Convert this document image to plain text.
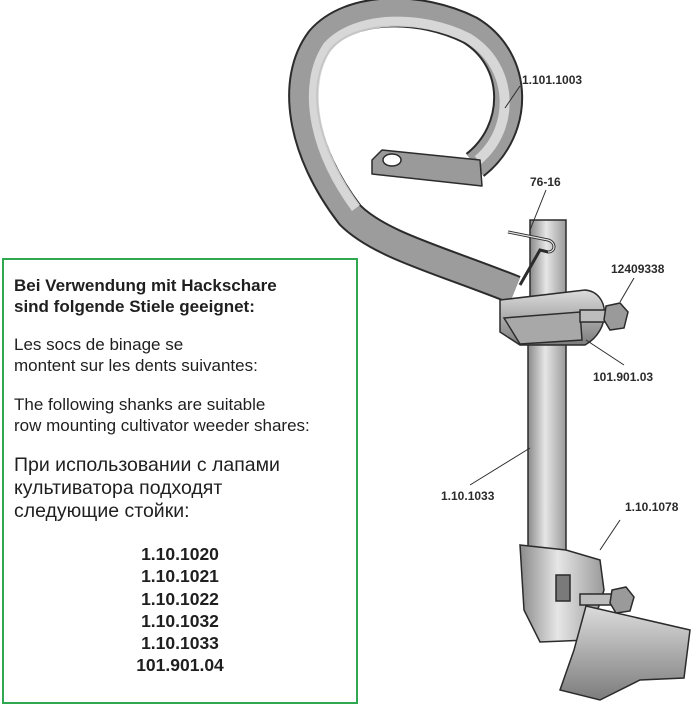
1.101.1003
76-16
12409338
101.901.03
1.10.1033
1.10.1078

Bei Verwendung mit Hackschare
sind folgende Stiele geeignet:

Les socs de binage se
montent sur les dents suivantes:

The following shanks are suitable
row mounting cultivator weeder shares:

При использовании с лапами
культиватора подходят
следующие стойки:

1.10.1020
1.10.1021
1.10.1022
1.10.1032
1.10.1033
101.901.04
